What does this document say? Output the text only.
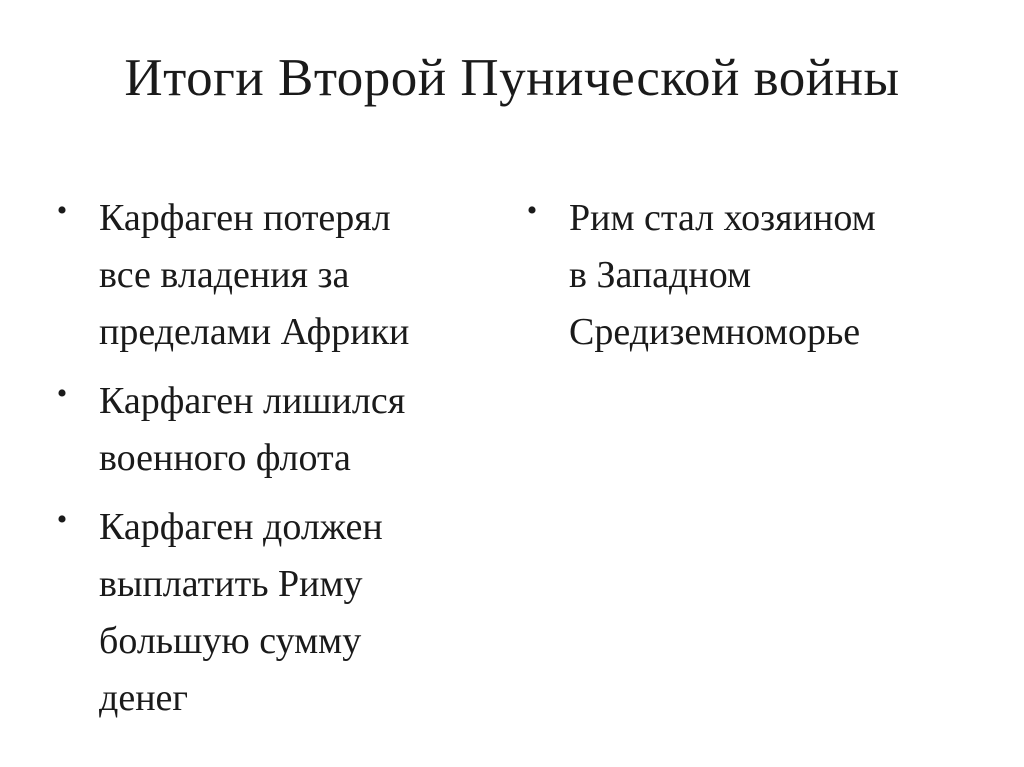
Итоги Второй Пунической войны
• Карфаген потерял
все владения за
пределами Африки
• Карфаген лишился
военного флота
• Карфаген должен
выплатить Риму
большую сумму
денег
• Рим стал хозяином
в Западном
Средиземноморье
